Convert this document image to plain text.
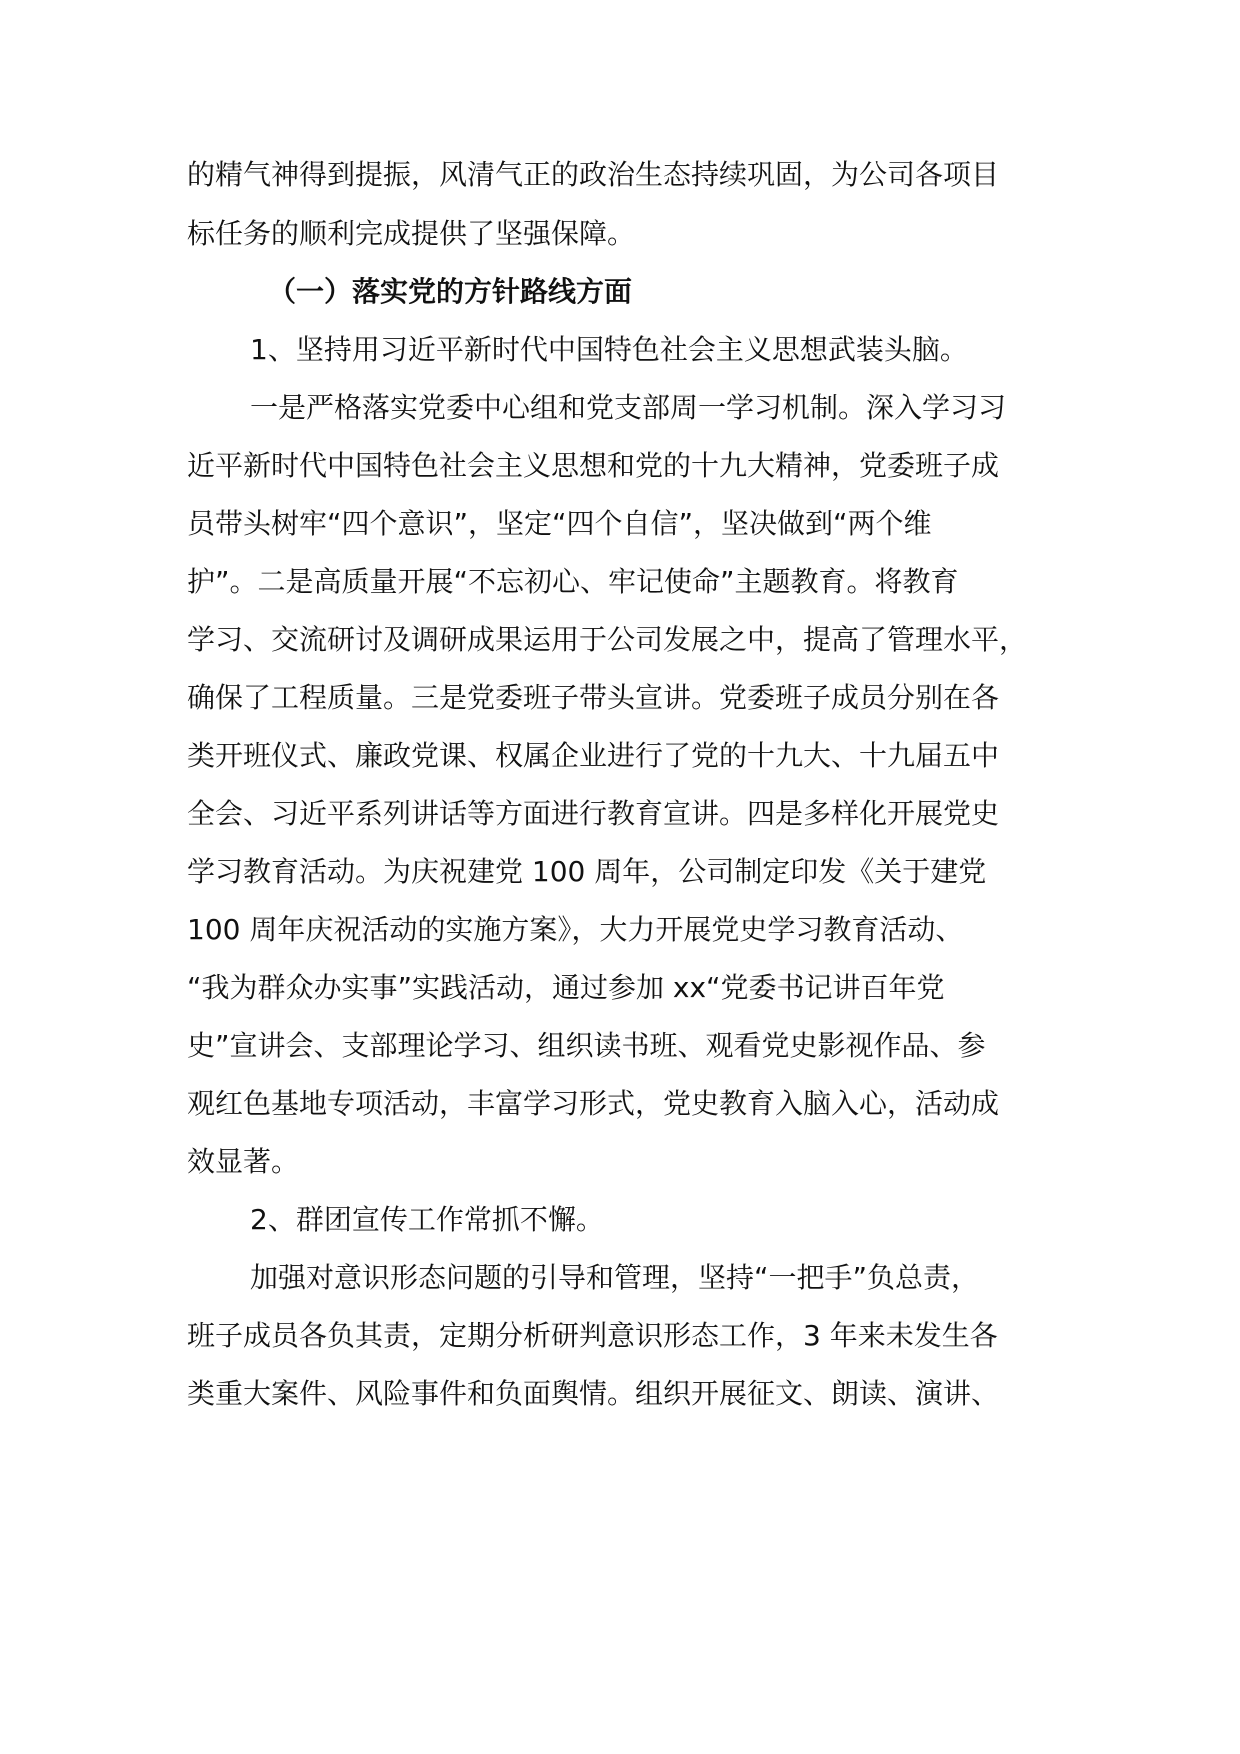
的精气神得到提振，风清气正的政治生态持续巩固，为公司各项目
标任务的顺利完成提供了坚强保障。
（一）落实党的方针路线方面
1、坚持用习近平新时代中国特色社会主义思想武装头脑。
一是严格落实党委中心组和党支部周一学习机制。深入学习习
近平新时代中国特色社会主义思想和党的十九大精神，党委班子成
员带头树牢“四个意识”，坚定“四个自信”，坚决做到“两个维
护”。二是高质量开展“不忘初心、牢记使命”主题教育。将教育
学习、交流研讨及调研成果运用于公司发展之中，提高了管理水平，
确保了工程质量。三是党委班子带头宣讲。党委班子成员分别在各
类开班仪式、廉政党课、权属企业进行了党的十九大、十九届五中
全会、习近平系列讲话等方面进行教育宣讲。四是多样化开展党史
学习教育活动。为庆祝建党 100 周年，公司制定印发《关于建党
100 周年庆祝活动的实施方案》，大力开展党史学习教育活动、
“我为群众办实事”实践活动，通过参加 xx“党委书记讲百年党
史”宣讲会、支部理论学习、组织读书班、观看党史影视作品、参
观红色基地专项活动，丰富学习形式，党史教育入脑入心，活动成
效显著。
2、群团宣传工作常抓不懈。
加强对意识形态问题的引导和管理，坚持“一把手”负总责，
班子成员各负其责，定期分析研判意识形态工作，3 年来未发生各
类重大案件、风险事件和负面舆情。组织开展征文、朗读、演讲、
